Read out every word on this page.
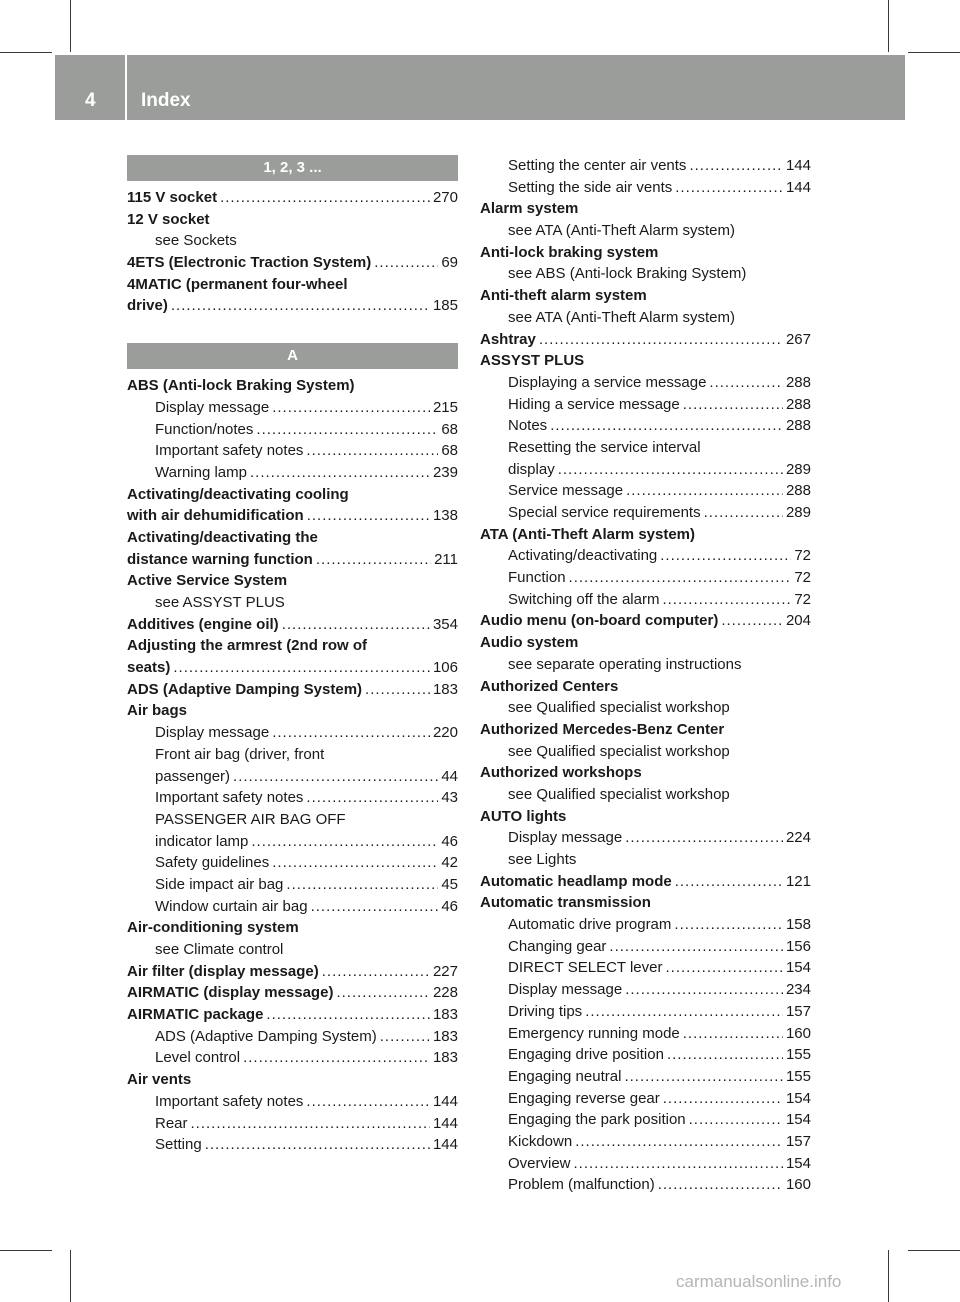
4 Index
1, 2, 3 ...
115 V socket .....	270
12 V socket
see Sockets
4ETS (Electronic Traction System) .....	69
4MATIC (permanent four-wheel
drive) .....	185
A
ABS (Anti-lock Braking System)
Display message .....	215
Function/notes .....	68
Important safety notes .....	68
Warning lamp .....	239
Activating/deactivating cooling
with air dehumidification .....	138
Activating/deactivating the
distance warning function .....	211
Active Service System
see ASSYST PLUS
Additives (engine oil) .....	354
Adjusting the armrest (2nd row of
seats) .....	106
ADS (Adaptive Damping System) .....	183
Air bags
Display message .....	220
Front air bag (driver, front
passenger) .....	44
Important safety notes .....	43
PASSENGER AIR BAG OFF
indicator lamp .....	46
Safety guidelines .....	42
Side impact air bag .....	45
Window curtain air bag .....	46
Air-conditioning system
see Climate control
Air filter (display message) .....	227
AIRMATIC (display message) .....	228
AIRMATIC package .....	183
ADS (Adaptive Damping System) .....	183
Level control .....	183
Air vents
Important safety notes .....	144
Rear .....	144
Setting .....	144
Setting the center air vents .....	144
Setting the side air vents .....	144
Alarm system
see ATA (Anti-Theft Alarm system)
Anti-lock braking system
see ABS (Anti-lock Braking System)
Anti-theft alarm system
see ATA (Anti-Theft Alarm system)
Ashtray .....	267
ASSYST PLUS
Displaying a service message .....	288
Hiding a service message .....	288
Notes .....	288
Resetting the service interval
display .....	289
Service message .....	288
Special service requirements .....	289
ATA (Anti-Theft Alarm system)
Activating/deactivating .....	72
Function .....	72
Switching off the alarm .....	72
Audio menu (on-board computer) .....	204
Audio system
see separate operating instructions
Authorized Centers
see Qualified specialist workshop
Authorized Mercedes-Benz Center
see Qualified specialist workshop
Authorized workshops
see Qualified specialist workshop
AUTO lights
Display message .....	224
see Lights
Automatic headlamp mode .....	121
Automatic transmission
Automatic drive program .....	158
Changing gear .....	156
DIRECT SELECT lever .....	154
Display message .....	234
Driving tips .....	157
Emergency running mode .....	160
Engaging drive position .....	155
Engaging neutral .....	155
Engaging reverse gear .....	154
Engaging the park position .....	154
Kickdown .....	157
Overview .....	154
Problem (malfunction) .....	160
carmanualsonline.info
